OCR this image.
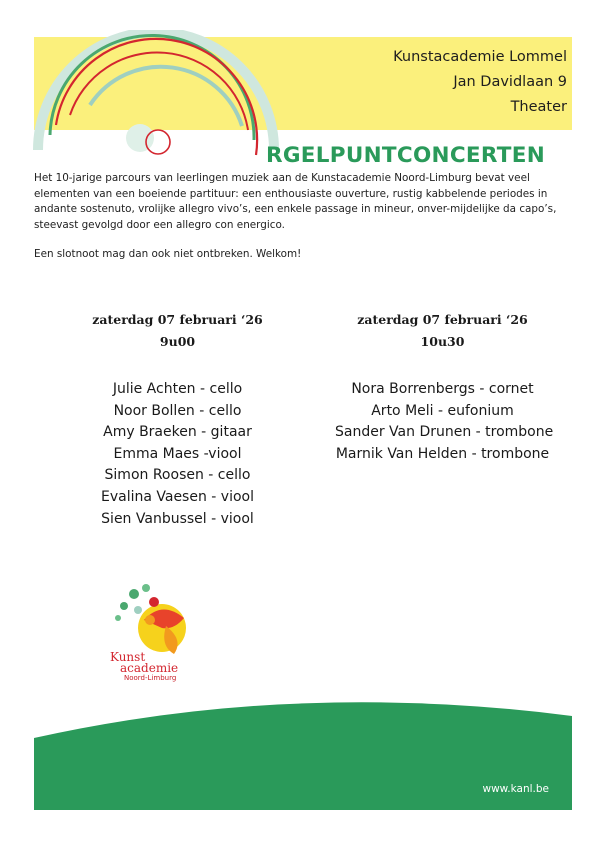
Kunstacademie Lommel
Jan Davidlaan 9
Theater
RGELPUNTCONCERTEN

Het 10-jarige parcours van leerlingen muziek aan de Kunstacademie Noord-Limburg bevat veel elementen van een boeiende partituur: een enthousiaste ouverture, rustig kabbelende periodes in andante sostenuto, vrolijke allegro vivo’s, een enkele passage in mineur, onver-mijdelijke da capo’s, steevast gevolgd door een allegro con energico.

Een slotnoot mag dan ook niet ontbreken. Welkom!

zaterdag 07 februari ‘26
9u00
Julie Achten - cello
Noor Bollen - cello
Amy Braeken - gitaar
Emma Maes -viool
Simon Roosen - cello
Evalina Vaesen - viool
Sien Vanbussel - viool
zaterdag 07 februari ‘26
10u30
Nora Borrenbergs - cornet
Arto Meli - eufonium
Sander Van Drunen - trombone
Marnik Van Helden - trombone
Kunst
academie
Noord-Limburg
www.kanl.be
